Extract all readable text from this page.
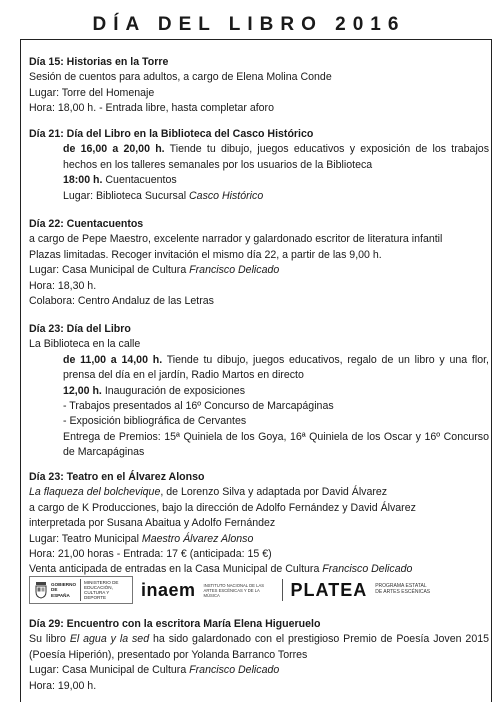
DÍA DEL LIBRO 2016
Día 15: Historias en la Torre
Sesión de cuentos para adultos, a cargo de Elena Molina Conde
Lugar: Torre del Homenaje
Hora: 18,00 h. - Entrada libre, hasta completar aforo
Día 21: Día del Libro en la Biblioteca del Casco Histórico
de 16,00 a 20,00 h. Tiende tu dibujo, juegos educativos y exposición de los trabajos hechos en los talleres semanales por los usuarios de la Biblioteca
18:00 h. Cuentacuentos
Lugar: Biblioteca Sucursal Casco Histórico
Día 22: Cuentacuentos
a cargo de Pepe Maestro, excelente narrador y galardonado escritor de literatura infantil
Plazas limitadas. Recoger invitación el mismo día 22, a partir de las 9,00 h.
Lugar: Casa Municipal de Cultura Francisco Delicado
Hora: 18,30 h.
Colabora: Centro Andaluz de las Letras
Día 23: Día del Libro
La Biblioteca en la calle
de 11,00 a 14,00 h. Tiende tu dibujo, juegos educativos, regalo de un libro y una flor, prensa del día en el jardín, Radio Martos en directo
12,00 h. Inauguración de exposiciones
- Trabajos presentados al 16º Concurso de Marcapáginas
- Exposición bibliográfica de Cervantes
Entrega de Premios: 15ª Quiniela de los Goya, 16ª Quiniela de los Oscar y 16º Concurso de Marcapáginas
Día 23: Teatro en el Álvarez Alonso
La flaqueza del bolchevique, de Lorenzo Silva y adaptada por David Álvarez
a cargo de K Producciones, bajo la dirección de Adolfo Fernández y David Álvarez
interpretada por Susana Abaitua y Adolfo Fernández
Lugar: Teatro Municipal Maestro Álvarez Alonso
Hora: 21,00 horas - Entrada: 17 € (anticipada: 15 €)
Venta anticipada de entradas en la Casa Municipal de Cultura Francisco Delicado
GOBIERNO DE ESPAÑA
MINISTERIO DE EDUCACIÓN, CULTURA Y DEPORTE	inaem INSTITUTO NACIONAL DE LAS ARTES ESCÉNICAS Y DE LA MÚSICA	PLATEA PROGRAMA ESTATAL DE ARTES ESCÉNICAS
Día 29: Encuentro con la escritora María Elena Higueruelo
Su libro El agua y la sed ha sido galardonado con el prestigioso Premio de Poesía Joven 2015 (Poesía Hiperión), presentado por Yolanda Barranco Torres
Lugar: Casa Municipal de Cultura Francisco Delicado
Hora: 19,00 h.
